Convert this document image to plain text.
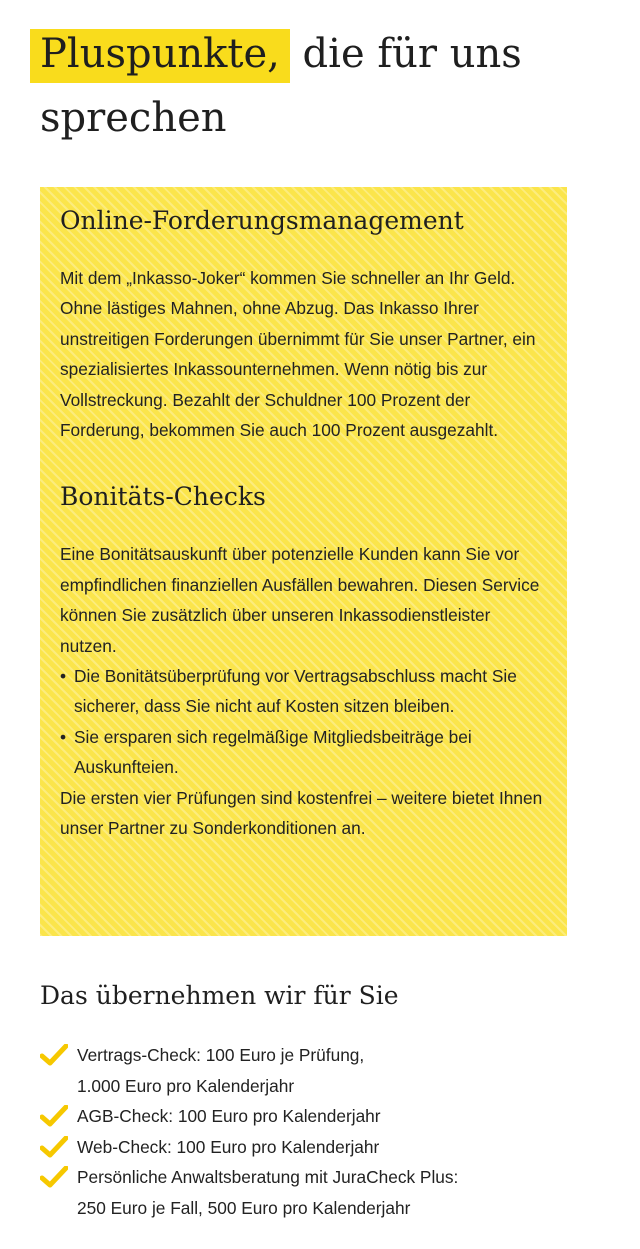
Pluspunkte, die für uns sprechen
Online-Forderungsmanagement

Mit dem „Inkasso-Joker“ kommen Sie schneller an Ihr Geld. Ohne lästiges Mahnen, ohne Abzug. Das Inkasso Ihrer unstreitigen Forderungen übernimmt für Sie unser Partner, ein spezialisiertes Inkassounternehmen. Wenn nötig bis zur Vollstreckung. Bezahlt der Schuldner 100 Prozent der Forderung, bekommen Sie auch 100 Prozent ausgezahlt.

Bonitäts-Checks

Eine Bonitätsauskunft über potenzielle Kunden kann Sie vor empfindlichen finanziellen Ausfällen bewahren. Diesen Service können Sie zusätzlich über unseren Inkassodienstleister nutzen.

• Die Bonitätsüberprüfung vor Vertragsabschluss macht Sie sicherer, dass Sie nicht auf Kosten sitzen bleiben.
• Sie ersparen sich regelmäßige Mitgliedsbeiträge bei Auskunfteien.

Die ersten vier Prüfungen sind kostenfrei – weitere bietet Ihnen unser Partner zu Sonderkonditionen an.

Das übernehmen wir für Sie
Vertrags-Check: 100 Euro je Prüfung,
1.000 Euro pro Kalenderjahr
AGB-Check: 100 Euro pro Kalenderjahr
Web-Check: 100 Euro pro Kalenderjahr
Persönliche Anwaltsberatung mit JuraCheck Plus:
250 Euro je Fall, 500 Euro pro Kalenderjahr
